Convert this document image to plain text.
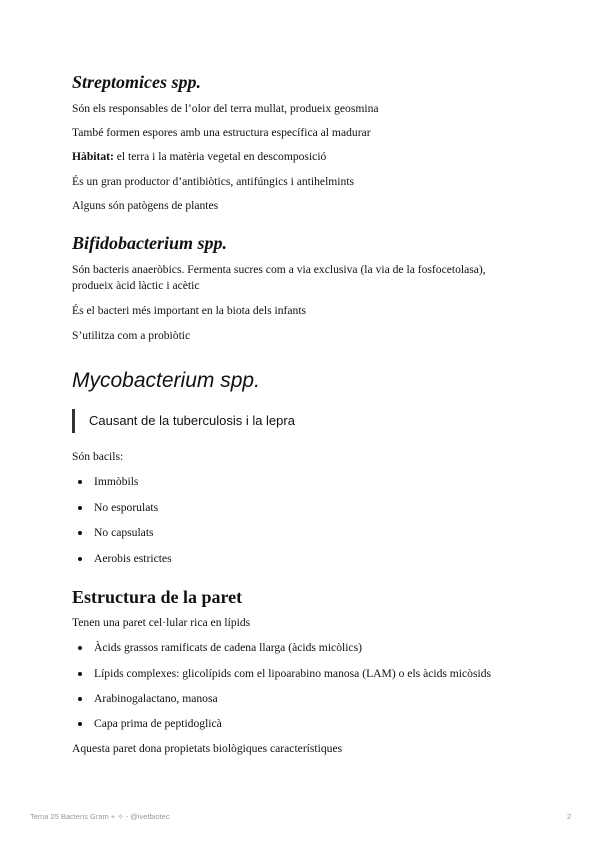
Streptomices spp.
Són els responsables de l’olor del terra mullat, produeix geosmina
També formen espores amb una estructura específica al madurar
Hàbitat: el terra i la matèria vegetal en descomposició
És un gran productor d’antibiòtics, antifúngics i antihelmints
Alguns són patògens de plantes
Bifidobacterium spp.
Són bacteris anaeròbics. Fermenta sucres com a via exclusiva (la via de la fosfocetolasa), produeix àcid làctic i acètic
És el bacteri més important en la biota dels infants
S’utilitza com a probiòtic
Mycobacterium spp.
Causant de la tuberculosis i la lepra
Són bacils:
Immòbils
No esporulats
No capsulats
Aerobis estrictes
Estructura de la paret
Tenen una paret cel·lular rica en lípids
Àcids grassos ramificats de cadena llarga (àcids micòlics)
Lípids complexes: glicolípids com el lipoarabino manosa (LAM) o els àcids micòsids
Arabinogalactano, manosa
Capa prima de peptidoglicà
Aquesta paret dona propietats biològiques característiques
Tema 25 Bacteris Gram + ✧ - @ivetbiotec	2
